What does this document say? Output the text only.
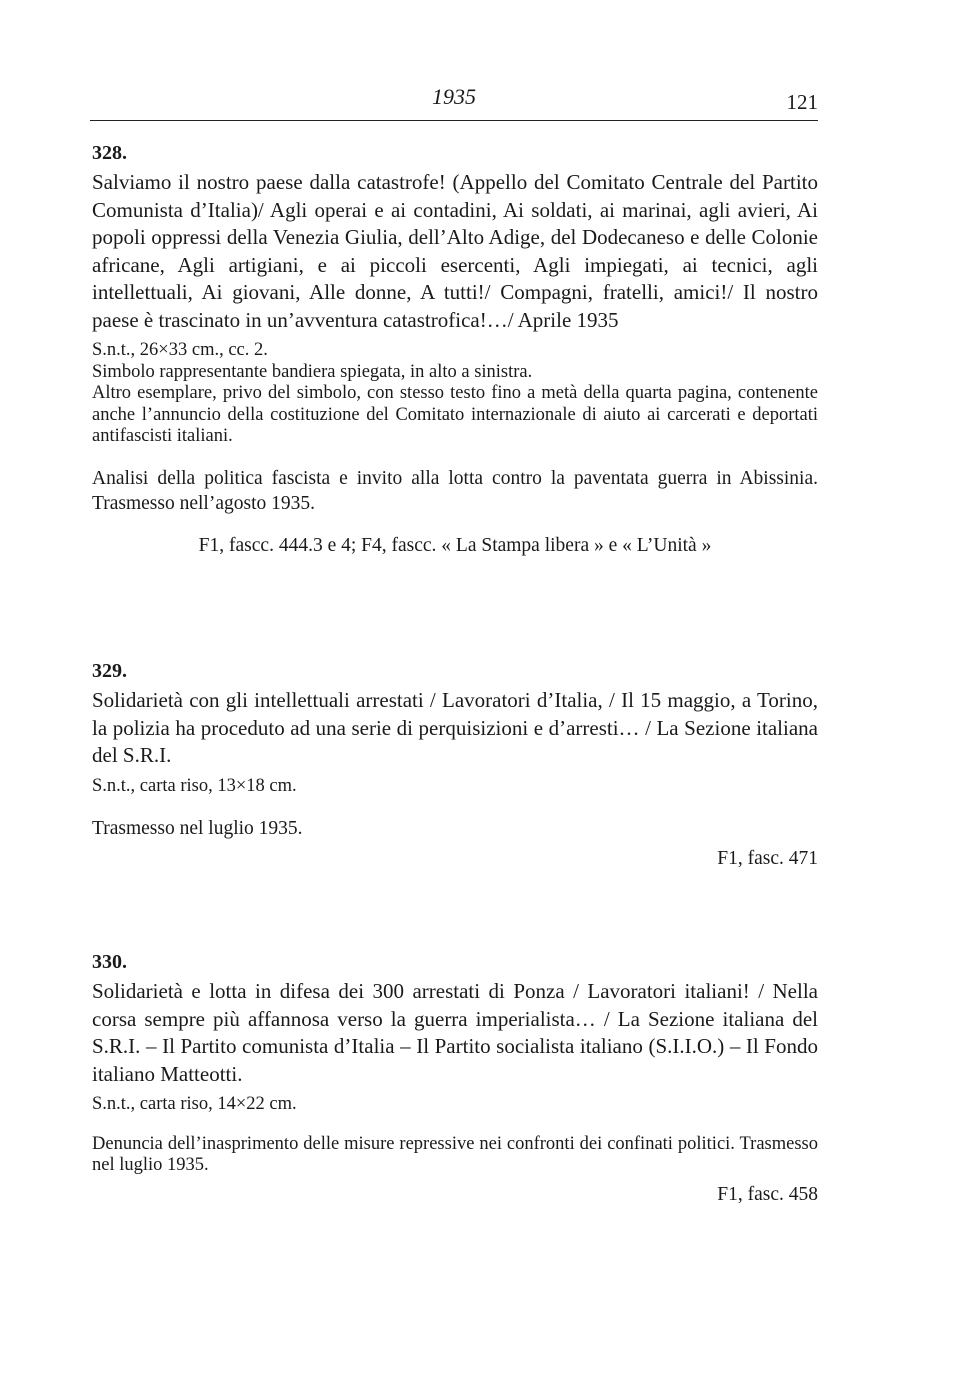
1935	121
328.

Salviamo il nostro paese dalla catastrofe! (Appello del Comitato Centrale del Partito Comunista d’Italia)/ Agli operai e ai contadini, Ai soldati, ai marinai, agli avieri, Ai popoli oppressi della Venezia Giulia, dell’Alto Adige, del Dodecaneso e delle Colonie africane, Agli artigiani, e ai piccoli esercenti, Agli impiegati, ai tecnici, agli intellettuali, Ai giovani, Alle donne, A tutti!/ Compagni, fratelli, amici!/ Il nostro paese è trascinato in un’avventura catastrofica!…/ Aprile 1935

S.n.t., 26×33 cm., cc. 2.

Simbolo rappresentante bandiera spiegata, in alto a sinistra.

Altro esemplare, privo del simbolo, con stesso testo fino a metà della quarta pagina, contenente anche l’annuncio della costituzione del Comitato internazionale di aiuto ai carcerati e deportati antifascisti italiani.

Analisi della politica fascista e invito alla lotta contro la paventata guerra in Abissinia. Trasmesso nell’agosto 1935.

F1, fascc. 444.3 e 4; F4, fascc. « La Stampa libera » e « L’Unità »

329.

Solidarietà con gli intellettuali arrestati / Lavoratori d’Italia, / Il 15 maggio, a Torino, la polizia ha proceduto ad una serie di perquisizioni e d’arresti… / La Sezione italiana del S.R.I.

S.n.t., carta riso, 13×18 cm.

Trasmesso nel luglio 1935.

F1, fasc. 471

330.

Solidarietà e lotta in difesa dei 300 arrestati di Ponza / Lavoratori italiani! / Nella corsa sempre più affannosa verso la guerra imperialista… / La Sezione italiana del S.R.I. – Il Partito comunista d’Italia – Il Partito socialista italiano (S.I.I.O.) – Il Fondo italiano Matteotti.

S.n.t., carta riso, 14×22 cm.

Denuncia dell’inasprimento delle misure repressive nei confronti dei confinati politici. Trasmesso nel luglio 1935.

F1, fasc. 458
